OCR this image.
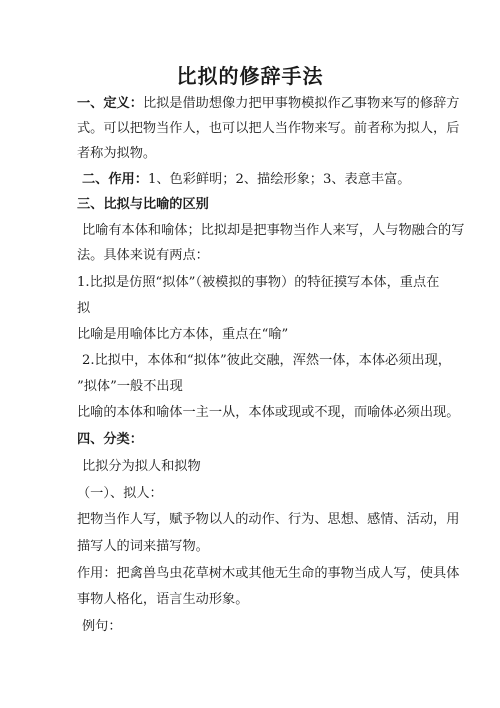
比拟的修辞手法
一、定义：比拟是借助想像力把甲事物模拟作乙事物来写的修辞方
式。可以把物当作人，也可以把人当作物来写。前者称为拟人，后
者称为拟物。
二、作用：1、色彩鲜明；2、描绘形象；3、表意丰富。
三、比拟与比喻的区别
比喻有本体和喻体；比拟却是把事物当作人来写，人与物融合的写
法。具体来说有两点：
1.比拟是仿照“拟体”（被模拟的事物）的特征摸写本体，重点在
拟
比喻是用喻体比方本体，重点在“喻”
2.比拟中，本体和“拟体”彼此交融，浑然一体，本体必须出现，
”拟体”一般不出现
比喻的本体和喻体一主一从，本体或现或不现，而喻体必须出现。
四、分类：
比拟分为拟人和拟物
（一）、拟人：
把物当作人写，赋予物以人的动作、行为、思想、感情、活动，用
描写人的词来描写物。
作用：把禽兽鸟虫花草树木或其他无生命的事物当成人写，使具体
事物人格化，语言生动形象。
例句：
